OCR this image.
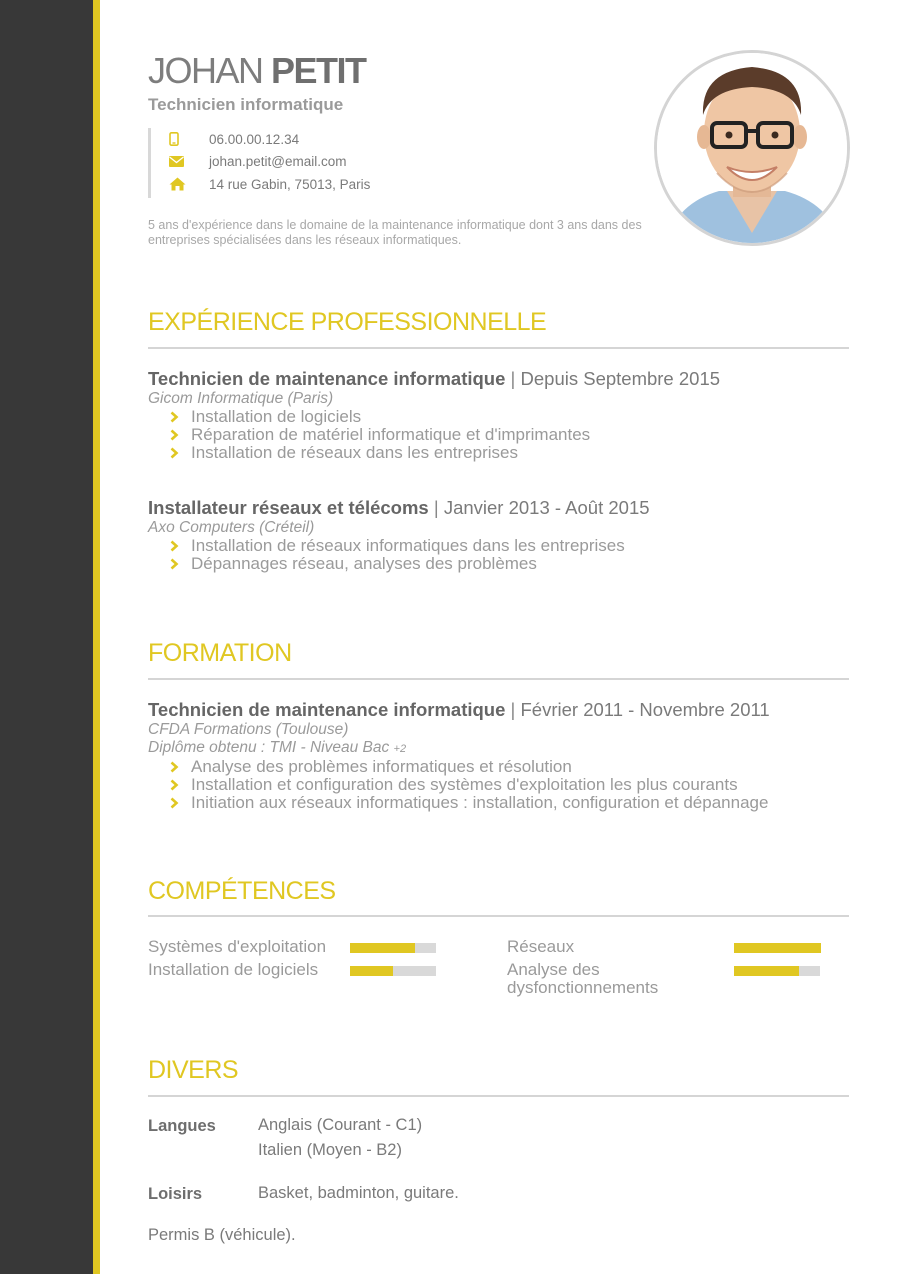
JOHAN PETIT
Technicien informatique
06.00.00.12.34
johan.petit@email.com
14 rue Gabin, 75013, Paris
5 ans d'expérience dans le domaine de la maintenance informatique dont 3 ans dans des entreprises spécialisées dans les réseaux informatiques.
EXPÉRIENCE PROFESSIONNELLE
Technicien de maintenance informatique | Depuis Septembre 2015
Gicom Informatique (Paris)
Installation de logiciels
Réparation de matériel informatique et d'imprimantes
Installation de réseaux dans les entreprises
Installateur réseaux et télécoms | Janvier 2013 - Août 2015
Axo Computers (Créteil)
Installation de réseaux informatiques dans les entreprises
Dépannages réseau, analyses des problèmes
FORMATION
Technicien de maintenance informatique | Février 2011 - Novembre 2011
CFDA Formations (Toulouse)
Diplôme obtenu : TMI - Niveau Bac +2
Analyse des problèmes informatiques et résolution
Installation et configuration des systèmes d'exploitation les plus courants
Initiation aux réseaux informatiques : installation, configuration et dépannage
COMPÉTENCES
Systèmes d'exploitation
Installation de logiciels
Réseaux
Analyse des dysfonctionnements
DIVERS
Langues	Anglais (Courant - C1)
Italien (Moyen - B2)
Loisirs	Basket, badminton, guitare.
Permis B (véhicule).
